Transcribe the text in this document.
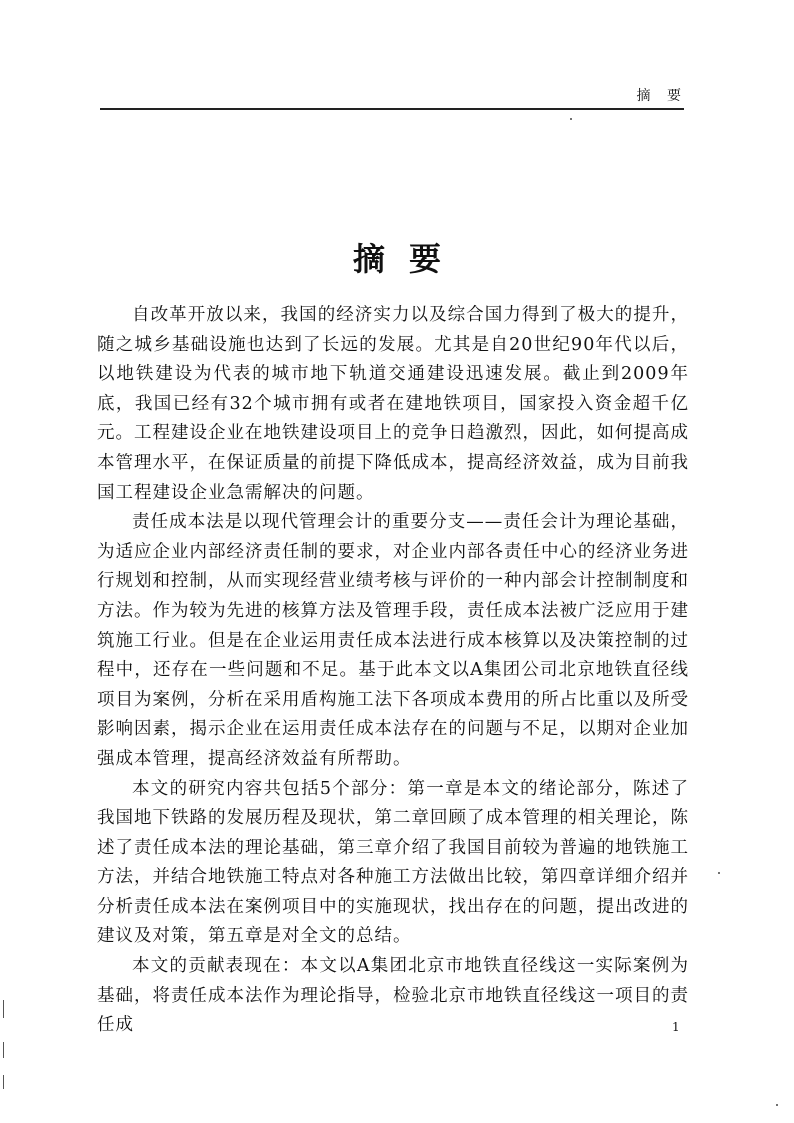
摘 要
摘要

自改革开放以来，我国的经济实力以及综合国力得到了极大的提升，随之城乡基础设施也达到了长远的发展。尤其是自20世纪90年代以后，以地铁建设为代表的城市地下轨道交通建设迅速发展。截止到2009年底，我国已经有32个城市拥有或者在建地铁项目，国家投入资金超千亿元。工程建设企业在地铁建设项目上的竞争日趋激烈，因此，如何提高成本管理水平，在保证质量的前提下降低成本，提高经济效益，成为目前我国工程建设企业急需解决的问题。

责任成本法是以现代管理会计的重要分支——责任会计为理论基础，为适应企业内部经济责任制的要求，对企业内部各责任中心的经济业务进行规划和控制，从而实现经营业绩考核与评价的一种内部会计控制制度和方法。作为较为先进的核算方法及管理手段，责任成本法被广泛应用于建筑施工行业。但是在企业运用责任成本法进行成本核算以及决策控制的过程中，还存在一些问题和不足。基于此本文以A集团公司北京地铁直径线项目为案例，分析在采用盾构施工法下各项成本费用的所占比重以及所受影响因素，揭示企业在运用责任成本法存在的问题与不足，以期对企业加强成本管理，提高经济效益有所帮助。

本文的研究内容共包括5个部分：第一章是本文的绪论部分，陈述了我国地下铁路的发展历程及现状，第二章回顾了成本管理的相关理论，陈述了责任成本法的理论基础，第三章介绍了我国目前较为普遍的地铁施工方法，并结合地铁施工特点对各种施工方法做出比较，第四章详细介绍并分析责任成本法在案例项目中的实施现状，找出存在的问题，提出改进的建议及对策，第五章是对全文的总结。

本文的贡献表现在：本文以A集团北京市地铁直径线这一实际案例为基础，将责任成本法作为理论指导，检验北京市地铁直径线这一项目的责任成	1
